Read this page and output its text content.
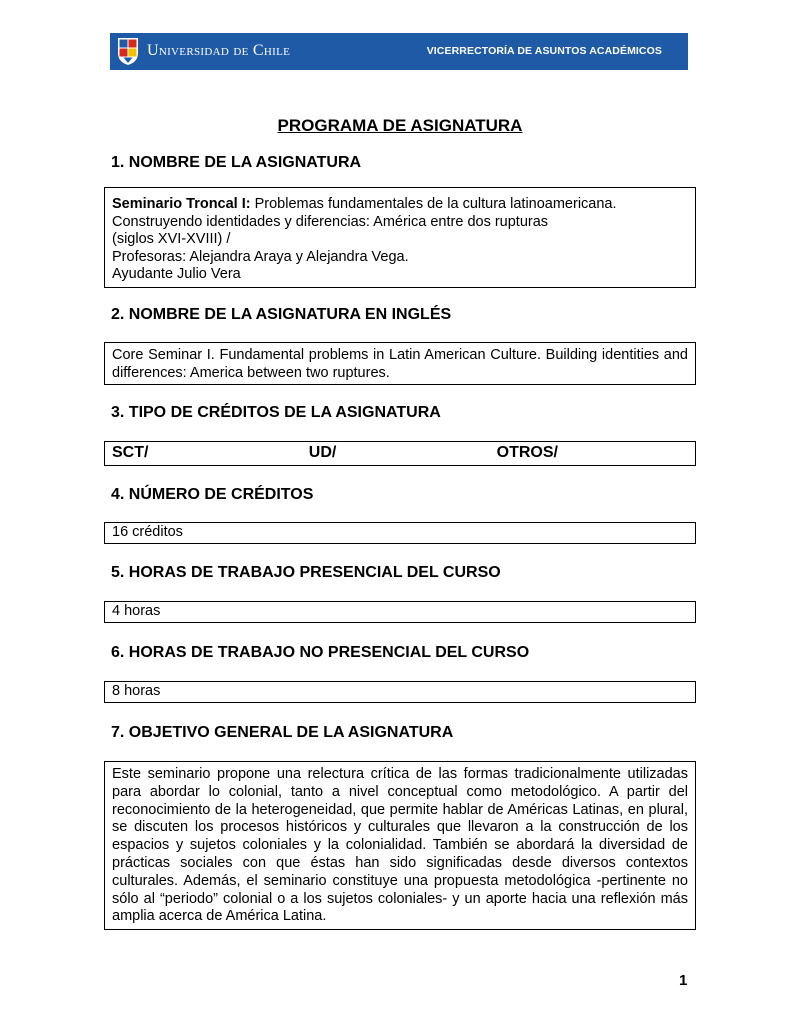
Universidad de Chile	VICERRECTORÍA DE ASUNTOS ACADÉMICOS
PROGRAMA DE ASIGNATURA
1. NOMBRE DE LA ASIGNATURA

Seminario Troncal I: Problemas fundamentales de la cultura latinoamericana.

Construyendo identidades y diferencias: América entre dos rupturas

(siglos XVI-XVIII) /

Profesoras: Alejandra Araya y Alejandra Vega.

Ayudante Julio Vera

2. NOMBRE DE LA ASIGNATURA EN INGLÉS

Core Seminar I. Fundamental problems in Latin American Culture. Building identities and differences: America between two ruptures.

3. TIPO DE CRÉDITOS DE LA ASIGNATURA
SCT/	UD/	OTROS/
4. NÚMERO DE CRÉDITOS

16 créditos

5. HORAS DE TRABAJO PRESENCIAL DEL CURSO

4 horas

6. HORAS DE TRABAJO NO PRESENCIAL DEL CURSO

8 horas

7. OBJETIVO GENERAL DE LA ASIGNATURA

Este seminario propone una relectura crítica de las formas tradicionalmente utilizadas para abordar lo colonial, tanto a nivel conceptual como metodológico. A partir del reconocimiento de la heterogeneidad, que permite hablar de Américas Latinas, en plural, se discuten los procesos históricos y culturales que llevaron a la construcción de los espacios y sujetos coloniales y la colonialidad. También se abordará la diversidad de prácticas sociales con que éstas han sido significadas desde diversos contextos culturales. Además, el seminario constituye una propuesta metodológica -pertinente no sólo al “periodo” colonial o a los sujetos coloniales- y un aporte hacia una reflexión más amplia acerca de América Latina.

1
